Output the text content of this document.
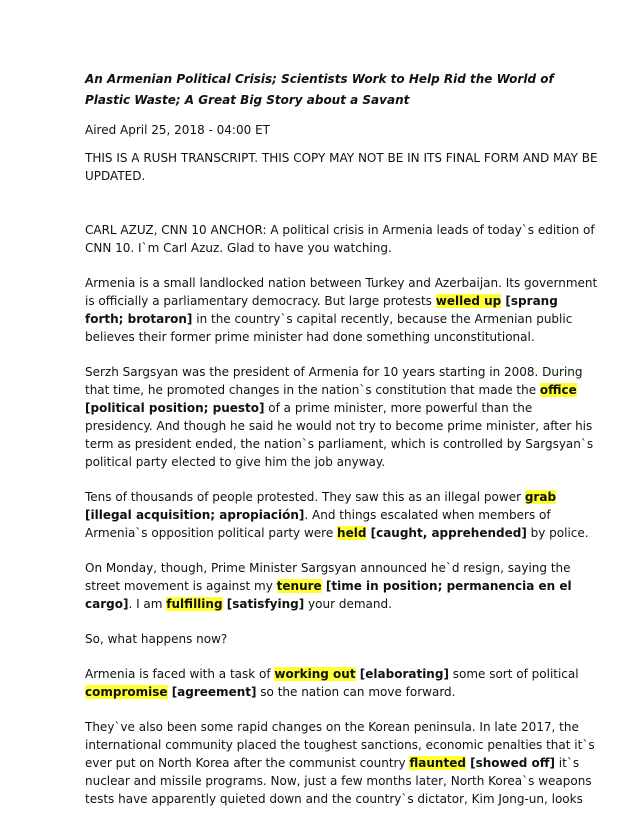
An Armenian Political Crisis; Scientists Work to Help Rid the World of Plastic Waste; A Great Big Story about a Savant

Aired April 25, 2018 - 04:00 ET

THIS IS A RUSH TRANSCRIPT. THIS COPY MAY NOT BE IN ITS FINAL FORM AND MAY BE UPDATED.

CARL AZUZ, CNN 10 ANCHOR: A political crisis in Armenia leads of today`s edition of CNN 10. I`m Carl Azuz. Glad to have you watching.

Armenia is a small landlocked nation between Turkey and Azerbaijan. Its government is officially a parliamentary democracy. But large protests welled up [sprang forth; brotaron] in the country`s capital recently, because the Armenian public believes their former prime minister had done something unconstitutional.

Serzh Sargsyan was the president of Armenia for 10 years starting in 2008. During that time, he promoted changes in the nation`s constitution that made the office [political position; puesto] of a prime minister, more powerful than the presidency. And though he said he would not try to become prime minister, after his term as president ended, the nation`s parliament, which is controlled by Sargsyan`s political party elected to give him the job anyway.

Tens of thousands of people protested. They saw this as an illegal power grab [illegal acquisition; apropiación]. And things escalated when members of Armenia`s opposition political party were held [caught, apprehended] by police.

On Monday, though, Prime Minister Sargsyan announced he`d resign, saying the street movement is against my tenure [time in position; permanencia en el cargo]. I am fulfilling [satisfying] your demand.

So, what happens now?

Armenia is faced with a task of working out [elaborating] some sort of political compromise [agreement] so the nation can move forward.

They`ve also been some rapid changes on the Korean peninsula. In late 2017, the international community placed the toughest sanctions, economic penalties that it`s ever put on North Korea after the communist country flaunted [showed off] it`s nuclear and missile programs. Now, just a few months later, North Korea`s weapons tests have apparently quieted down and the country`s dictator, Kim Jong-un, looks
